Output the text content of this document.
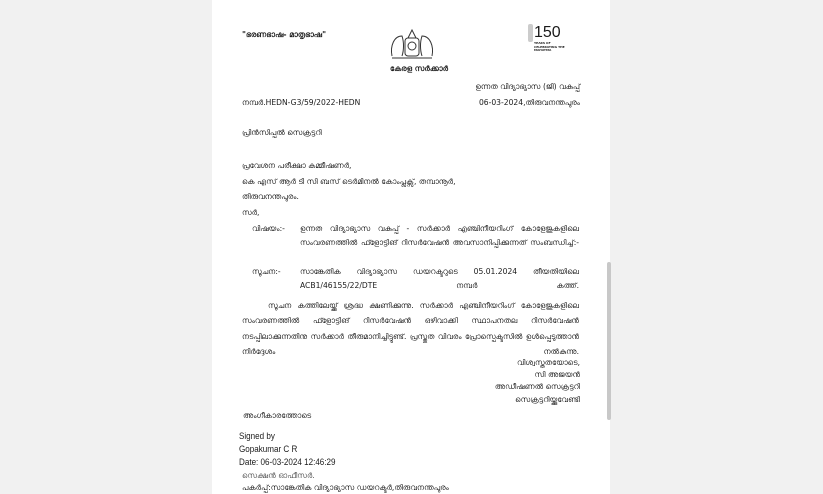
"ഭരണഭാഷ- മാതൃഭാഷ"
കേരള സർക്കാർ
150
YEARS OF CELEBRATING THE MAHATMA
ഉന്നത വിദ്യാഭ്യാസ (ജി) വകുപ്പ്
നമ്പർ.HEDN-G3/59/2022-HEDN	06-03-2024,തിരുവനന്തപുരം
പ്രിൻസിപ്പൽ സെക്രട്ടറി
പ്രവേശന പരീക്ഷാ കമ്മീഷണർ,
കെ എസ് ആർ ടി സി ബസ് ടെർമിനൽ കോംപ്ലക്സ്, തമ്പാനൂർ,
തിരുവനന്തപുരം.
സർ,
വിഷയം:- ഉന്നത വിദ്യാഭ്യാസ വകുപ്പ് - സർക്കാർ എഞ്ചിനീയറിംഗ് കോളേജുകളിലെ സംവരണത്തിൽ ഫ്ളോട്ടിങ് റിസർവേഷൻ അവസാനിപ്പിക്കുന്നത് സംബന്ധിച്ച്:-
സൂചന:-	സാങ്കേതിക വിദ്യാഭ്യാസ ഡയറക്ടറുടെ 05.01.2024 തീയതിയിലെ ACB1/46155/22/DTE നമ്പർ കത്ത്.
സൂചന കത്തിലേയ്ക്ക് ശ്രദ്ധ ക്ഷണിക്കുന്നു. സർക്കാർ എഞ്ചിനീയറിംഗ് കോളേജുകളിലെ സംവരണത്തിൽ ഫ്ളോട്ടിങ് റിസർവേഷൻ ഒഴിവാക്കി സ്ഥാപനതല റിസർവേഷൻ നടപ്പിലാക്കുന്നതിനു സർക്കാർ തീരുമാനിച്ചിട്ടുണ്ട്. പ്രസ്തുത വിവരം പ്രോസ്പെക്ടസിൽ ഉൾപ്പെടുത്താൻ നിർദ്ദേശം നൽകുന്നു.
വിശ്വസ്തതയോടെ,
സി അജയൻ
അഡീഷണൽ സെക്രട്ടറി
സെക്രട്ടറിയ്ക്കുവേണ്ടി
അംഗീകാരത്തോടെ
Signed by
Gopakumar C R
Date: 06-03-2024 12:46:29
സെക്ഷൻ ഓഫീസർ.
പകർപ്പ്:സാങ്കേതിക വിദ്യാഭ്യാസ ഡയറക്ടർ,തിരുവനന്തപുരം
